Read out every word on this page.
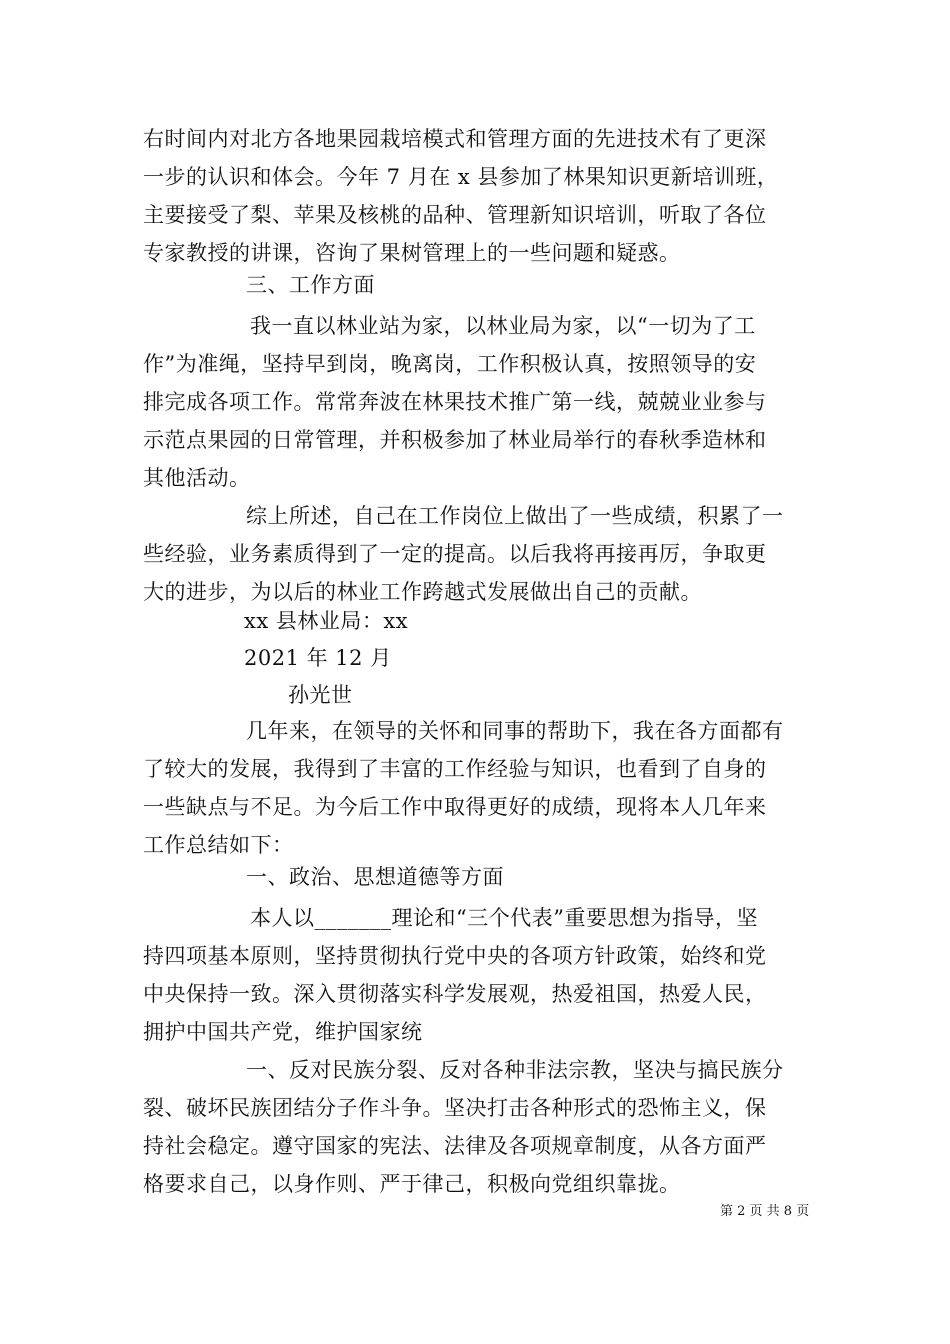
右时间内对北方各地果园栽培模式和管理方面的先进技术有了更深
一步的认识和体会。今年 7 月在 x 县参加了林果知识更新培训班，
主要接受了梨、苹果及核桃的品种、管理新知识培训，听取了各位
专家教授的讲课，咨询了果树管理上的一些问题和疑惑。
三、工作方面
我一直以林业站为家，以林业局为家，以“一切为了工
作”为准绳，坚持早到岗，晚离岗，工作积极认真，按照领导的安
排完成各项工作。常常奔波在林果技术推广第一线，兢兢业业参与
示范点果园的日常管理，并积极参加了林业局举行的春秋季造林和
其他活动。
综上所述，自己在工作岗位上做出了一些成绩，积累了一
些经验，业务素质得到了一定的提高。以后我将再接再厉，争取更
大的进步，为以后的林业工作跨越式发展做出自己的贡献。
xx 县林业局：xx
2021 年 12 月
孙光世
几年来，在领导的关怀和同事的帮助下，我在各方面都有
了较大的发展，我得到了丰富的工作经验与知识，也看到了自身的
一些缺点与不足。为今后工作中取得更好的成绩，现将本人几年来
工作总结如下：
一、政治、思想道德等方面
本人以_______理论和“三个代表”重要思想为指导，坚
持四项基本原则，坚持贯彻执行党中央的各项方针政策，始终和党
中央保持一致。深入贯彻落实科学发展观，热爱祖国，热爱人民，
拥护中国共产党，维护国家统
一、反对民族分裂、反对各种非法宗教，坚决与搞民族分
裂、破坏民族团结分子作斗争。坚决打击各种形式的恐怖主义，保
持社会稳定。遵守国家的宪法、法律及各项规章制度，从各方面严
格要求自己，以身作则、严于律己，积极向党组织靠拢。
第 2 页 共 8 页
